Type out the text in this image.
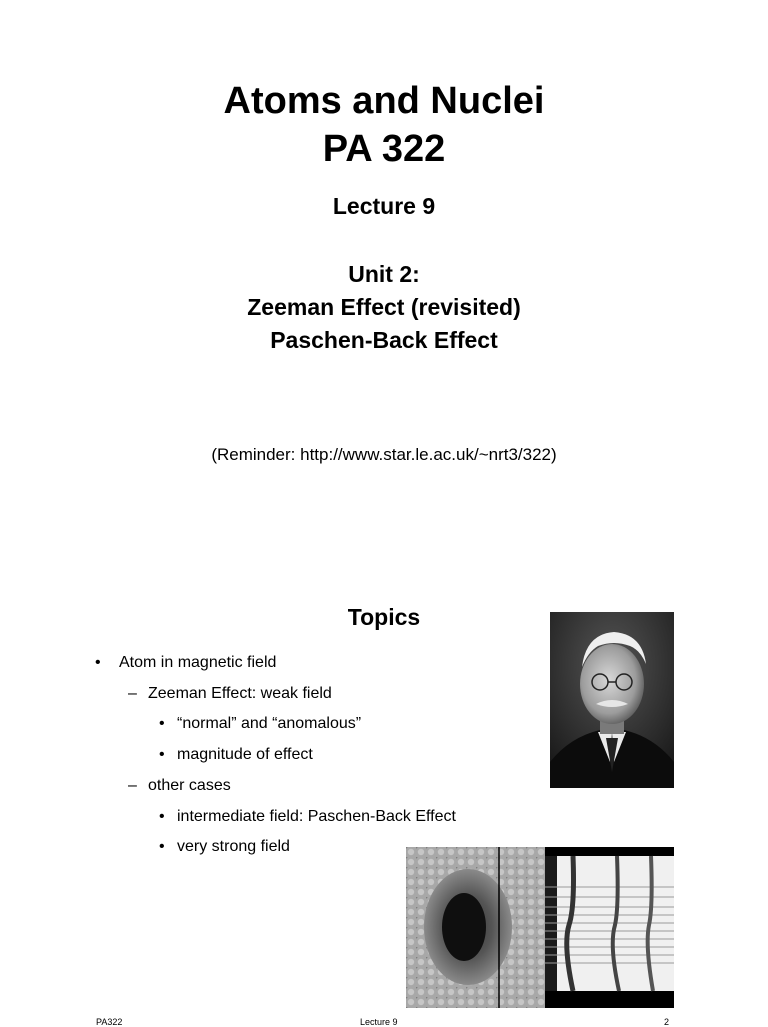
Atoms and Nuclei
PA 322
Lecture 9
Unit 2:
Zeeman Effect (revisited)
Paschen-Back Effect
(Reminder: http://www.star.le.ac.uk/~nrt3/322)
Topics
•	Atom in magnetic field
– Zeeman Effect: weak field
• “normal” and “anomalous”
• magnitude of effect
– other cases
• intermediate field: Paschen-Back Effect
• very strong field
PA322	Lecture 9	2
